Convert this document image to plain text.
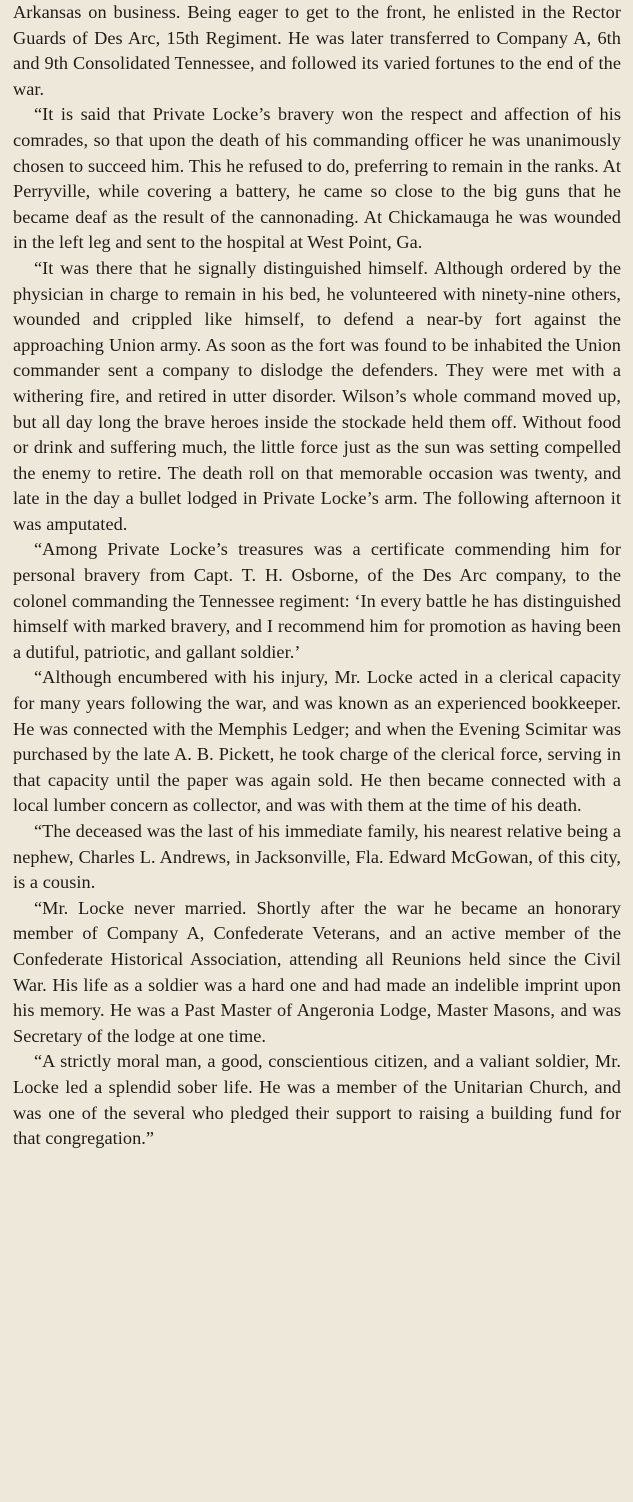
Arkansas on business. Being eager to get to the front, he enlisted in the Rector Guards of Des Arc, 15th Regiment. He was later transferred to Company A, 6th and 9th Consolidated Tennessee, and followed its varied fortunes to the end of the war.

“It is said that Private Locke’s bravery won the respect and affection of his comrades, so that upon the death of his commanding officer he was unanimously chosen to succeed him. This he refused to do, preferring to remain in the ranks. At Perryville, while covering a battery, he came so close to the big guns that he became deaf as the result of the cannonading. At Chickamauga he was wounded in the left leg and sent to the hospital at West Point, Ga.

“It was there that he signally distinguished himself. Although ordered by the physician in charge to remain in his bed, he volunteered with ninety-nine others, wounded and crippled like himself, to defend a near-by fort against the approaching Union army. As soon as the fort was found to be inhabited the Union commander sent a company to dislodge the defenders. They were met with a withering fire, and retired in utter disorder. Wilson’s whole command moved up, but all day long the brave heroes inside the stockade held them off. Without food or drink and suffering much, the little force just as the sun was setting compelled the enemy to retire. The death roll on that memorable occasion was twenty, and late in the day a bullet lodged in Private Locke’s arm. The following afternoon it was amputated.

“Among Private Locke’s treasures was a certificate commending him for personal bravery from Capt. T. H. Osborne, of the Des Arc company, to the colonel commanding the Tennessee regiment: ‘In every battle he has distinguished himself with marked bravery, and I recommend him for promotion as having been a dutiful, patriotic, and gallant soldier.’

“Although encumbered with his injury, Mr. Locke acted in a clerical capacity for many years following the war, and was known as an experienced bookkeeper. He was connected with the Memphis Ledger; and when the Evening Scimitar was purchased by the late A. B. Pickett, he took charge of the clerical force, serving in that capacity until the paper was again sold. He then became connected with a local lumber concern as collector, and was with them at the time of his death.

“The deceased was the last of his immediate family, his nearest relative being a nephew, Charles L. Andrews, in Jacksonville, Fla. Edward McGowan, of this city, is a cousin.

“Mr. Locke never married. Shortly after the war he became an honorary member of Company A, Confederate Veterans, and an active member of the Confederate Historical Association, attending all Reunions held since the Civil War. His life as a soldier was a hard one and had made an indelible imprint upon his memory. He was a Past Master of Angeronia Lodge, Master Masons, and was Secretary of the lodge at one time.

“A strictly moral man, a good, conscientious citizen, and a valiant soldier, Mr. Locke led a splendid sober life. He was a member of the Unitarian Church, and was one of the several who pledged their support to raising a building fund for that congregation.”
